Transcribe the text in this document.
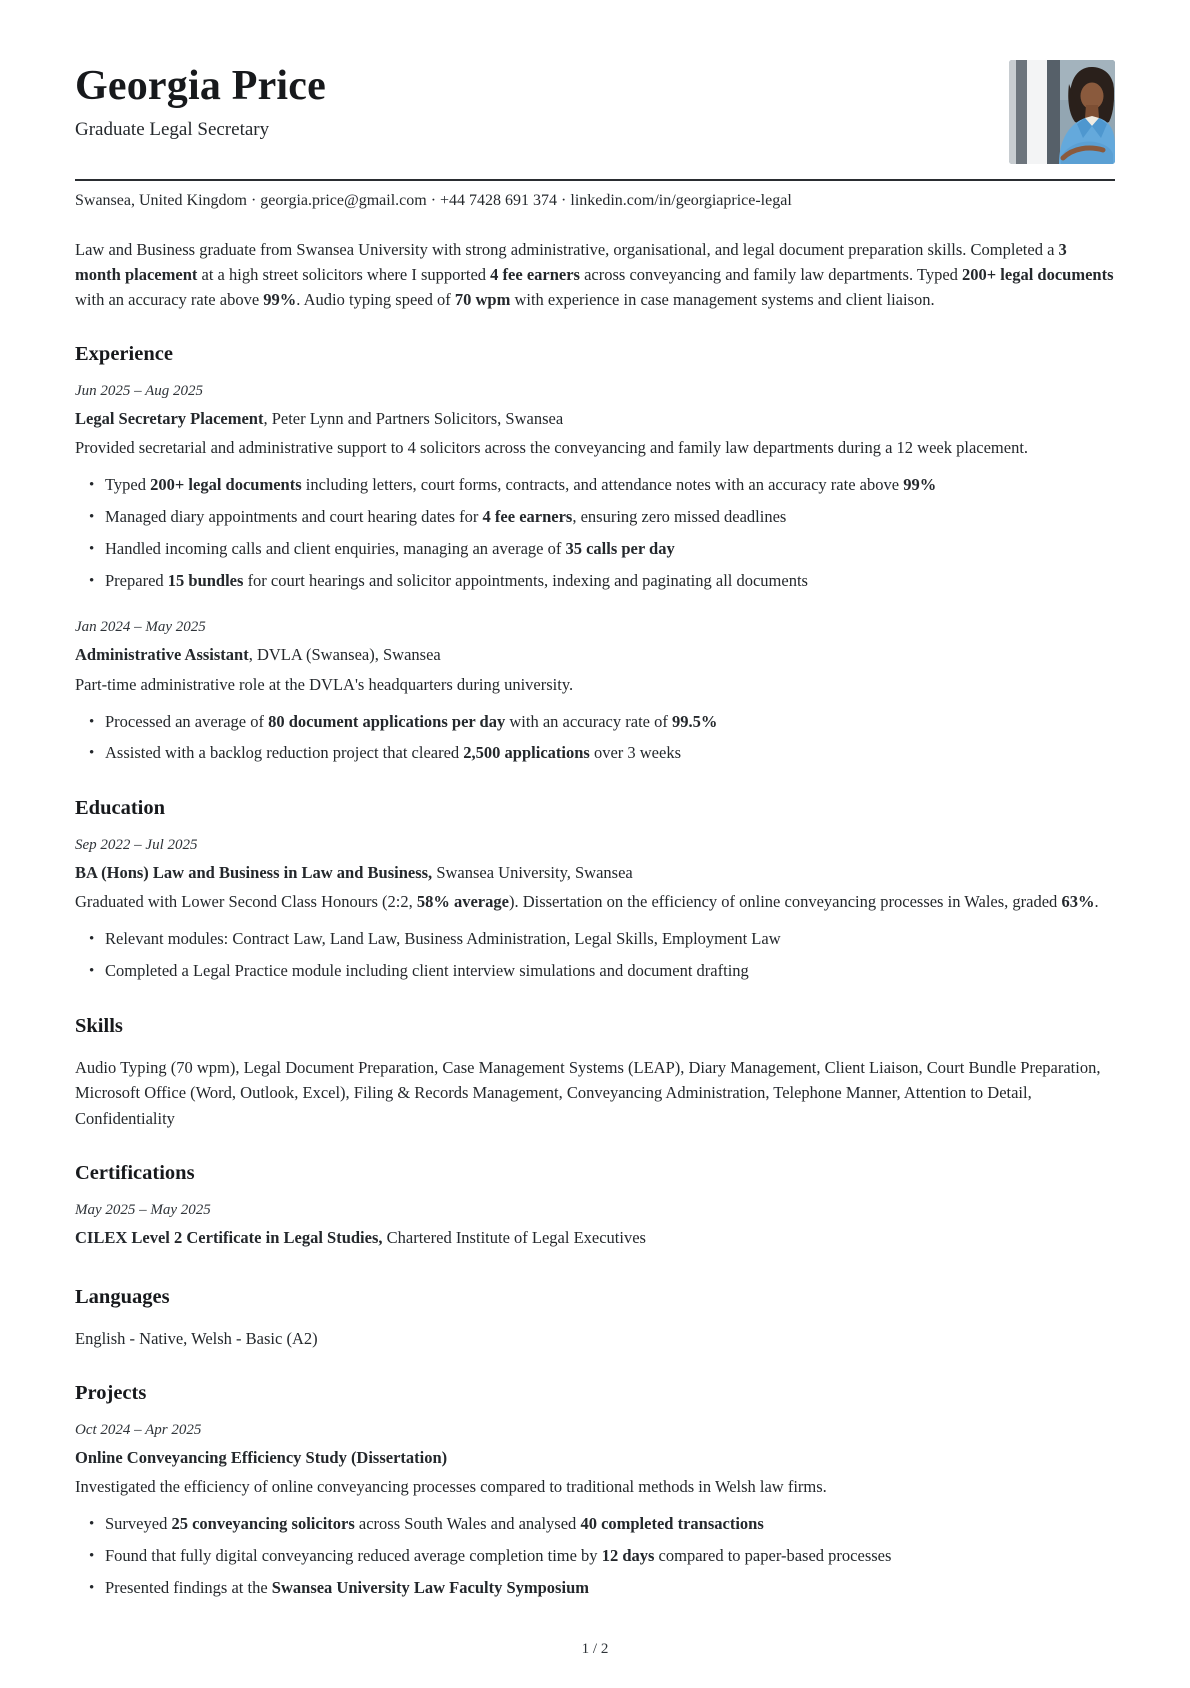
Georgia Price
Graduate Legal Secretary
Swansea, United Kingdom · georgia.price@gmail.com · +44 7428 691 374 · linkedin.com/in/georgiaprice-legal

Law and Business graduate from Swansea University with strong administrative, organisational, and legal document preparation skills. Completed a 3 month placement at a high street solicitors where I supported 4 fee earners across conveyancing and family law departments. Typed 200+ legal documents with an accuracy rate above 99%. Audio typing speed of 70 wpm with experience in case management systems and client liaison.

Experience
Jun 2025 – Aug 2025
Legal Secretary Placement, Peter Lynn and Partners Solicitors, Swansea

Provided secretarial and administrative support to 4 solicitors across the conveyancing and family law departments during a 12 week placement.

• Typed 200+ legal documents including letters, court forms, contracts, and attendance notes with an accuracy rate above 99%
• Managed diary appointments and court hearing dates for 4 fee earners, ensuring zero missed deadlines
• Handled incoming calls and client enquiries, managing an average of 35 calls per day
• Prepared 15 bundles for court hearings and solicitor appointments, indexing and paginating all documents
Jan 2024 – May 2025
Administrative Assistant, DVLA (Swansea), Swansea

Part-time administrative role at the DVLA's headquarters during university.

• Processed an average of 80 document applications per day with an accuracy rate of 99.5%
• Assisted with a backlog reduction project that cleared 2,500 applications over 3 weeks
Education
Sep 2022 – Jul 2025
BA (Hons) Law and Business in Law and Business, Swansea University, Swansea

Graduated with Lower Second Class Honours (2:2, 58% average). Dissertation on the efficiency of online conveyancing processes in Wales, graded 63%.

• Relevant modules: Contract Law, Land Law, Business Administration, Legal Skills, Employment Law
• Completed a Legal Practice module including client interview simulations and document drafting
Skills

Audio Typing (70 wpm), Legal Document Preparation, Case Management Systems (LEAP), Diary Management, Client Liaison, Court Bundle Preparation, Microsoft Office (Word, Outlook, Excel), Filing & Records Management, Conveyancing Administration, Telephone Manner, Attention to Detail, Confidentiality

Certifications
May 2025 – May 2025
CILEX Level 2 Certificate in Legal Studies, Chartered Institute of Legal Executives
Languages

English - Native, Welsh - Basic (A2)

Projects
Oct 2024 – Apr 2025
Online Conveyancing Efficiency Study (Dissertation)

Investigated the efficiency of online conveyancing processes compared to traditional methods in Welsh law firms.

• Surveyed 25 conveyancing solicitors across South Wales and analysed 40 completed transactions
• Found that fully digital conveyancing reduced average completion time by 12 days compared to paper-based processes
• Presented findings at the Swansea University Law Faculty Symposium
1 / 2
